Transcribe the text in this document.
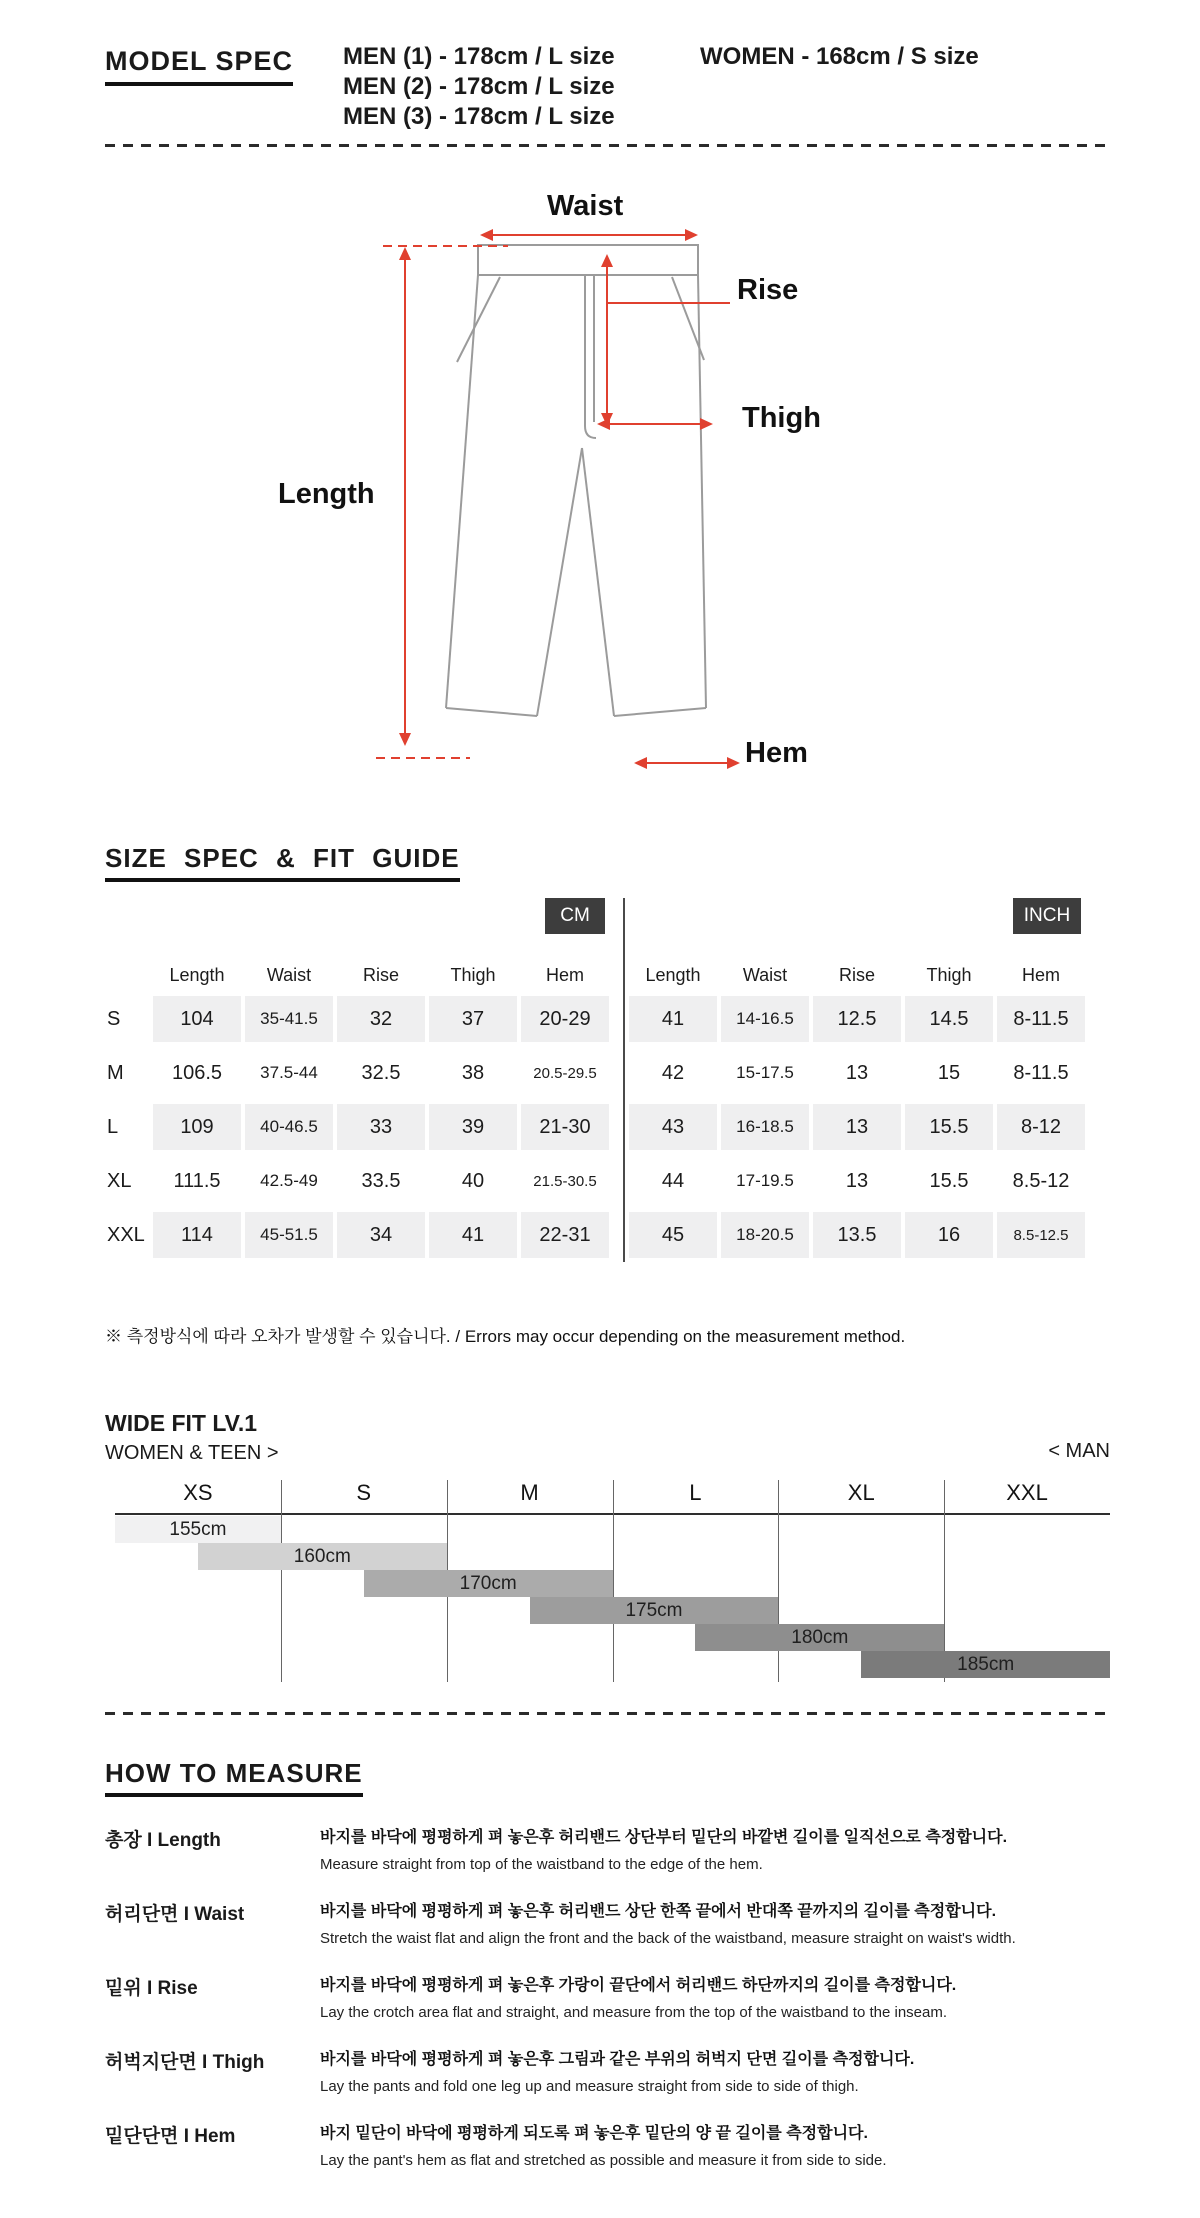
MODEL SPEC MEN (1) - 178cm / L size
MEN (2) - 178cm / L size
MEN (3) - 178cm / L size
WOMEN - 168cm / S size
Waist
Rise
Thigh
Length
Hem
SIZE SPEC & FIT GUIDE
CM	INCH
Length	Waist	Rise	Thigh	Hem
S	104	35-41.5	32	37	20-29
M	106.5	37.5-44	32.5	38	20.5-29.5
L	109	40-46.5	33	39	21-30
XL	111.5	42.5-49	33.5	40	21.5-30.5
XXL	114	45-51.5	34	41	22-31
Length	Waist	Rise	Thigh	Hem
41	14-16.5	12.5	14.5	8-11.5
42	15-17.5	13	15	8-11.5
43	16-18.5	13	15.5	8-12
44	17-19.5	13	15.5	8.5-12
45	18-20.5	13.5	16	8.5-12.5
※ 측정방식에 따라 오차가 발생할 수 있습니다. / Errors may occur depending on the measurement method.
WIDE FIT LV.1
WOMEN & TEEN >	< MAN
XS	S	M	L	XL	XXL
155cm
160cm
170cm
175cm
180cm
185cm
HOW TO MEASURE
총장 I Length	바지를 바닥에 평평하게 펴 놓은후 허리밴드 상단부터 밑단의 바깥변 길이를 일직선으로 측정합니다.
Measure straight from top of the waistband to the edge of the hem.
허리단면 I Waist	바지를 바닥에 평평하게 펴 놓은후 허리밴드 상단 한쪽 끝에서 반대쪽 끝까지의 길이를 측정합니다.
Stretch the waist flat and align the front and the back of the waistband, measure straight on waist's width.
밑위 I Rise	바지를 바닥에 평평하게 펴 놓은후 가랑이 끝단에서 허리밴드 하단까지의 길이를 측정합니다.
Lay the crotch area flat and straight, and measure from the top of the waistband to the inseam.
허벅지단면 I Thigh	바지를 바닥에 평평하게 펴 놓은후 그림과 같은 부위의 허벅지 단면 길이를 측정합니다.
Lay the pants and fold one leg up and measure straight from side to side of thigh.
밑단단면 I Hem	바지 밑단이 바닥에 평평하게 되도록 펴 놓은후 밑단의 양 끝 길이를 측정합니다.
Lay the pant's hem as flat and stretched as possible and measure it from side to side.
